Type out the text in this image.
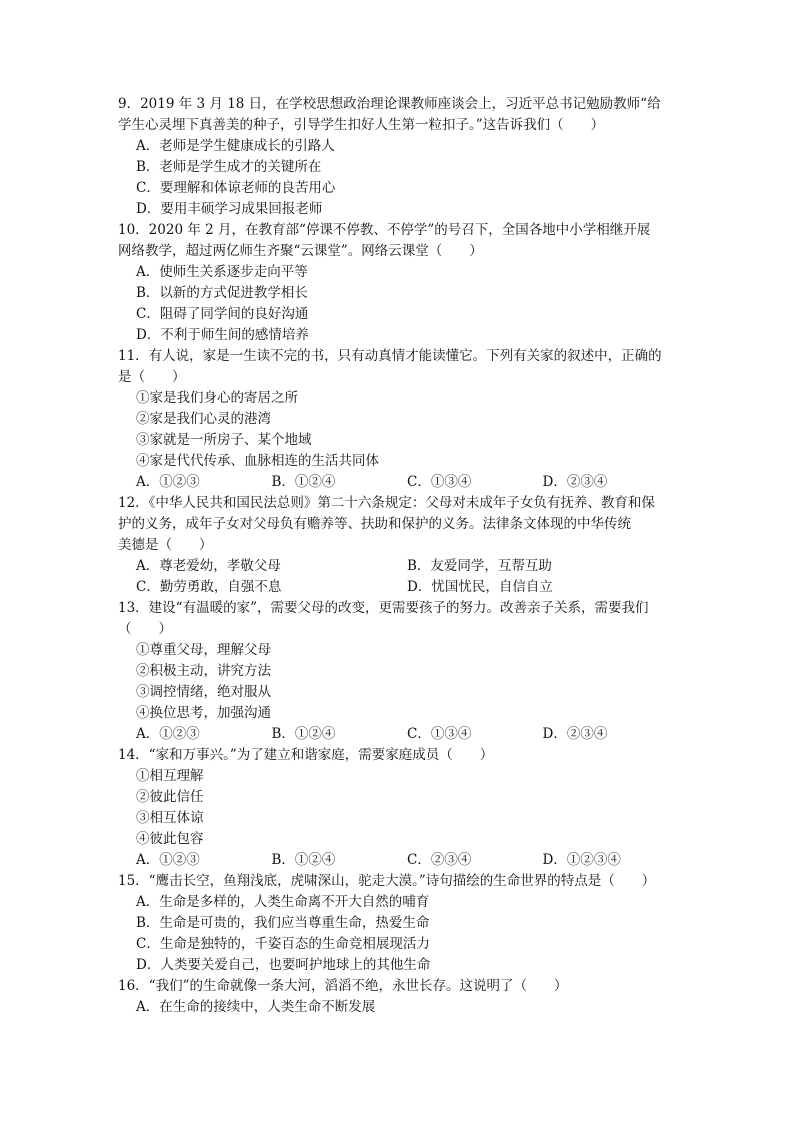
9．2019 年 3 月 18 日，在学校思想政治理论课教师座谈会上，习近平总书记勉励教师“给

学生心灵埋下真善美的种子，引导学生扣好人生第一粒扣子。”这告诉我们（　　）

A．老师是学生健康成长的引路人

B．老师是学生成才的关键所在

C．要理解和体谅老师的良苦用心

D．要用丰硕学习成果回报老师

10．2020 年 2 月，在教育部“停课不停教、不停学”的号召下，全国各地中小学相继开展

网络教学，超过两亿师生齐聚“云课堂”。网络云课堂（　　）

A．使师生关系逐步走向平等

B．以新的方式促进教学相长

C．阻碍了同学间的良好沟通

D．不利于师生间的感情培养

11．有人说，家是一生读不完的书，只有动真情才能读懂它。下列有关家的叙述中，正确的

是（　　）

①家是我们身心的寄居之所

②家是我们心灵的港湾

③家就是一所房子、某个地域

④家是代代传承、血脉相连的生活共同体

A．①②③	B．①②④	C．①③④	D．②③④

12．《中华人民共和国民法总则》第二十六条规定：父母对未成年子女负有抚养、教育和保

护的义务，成年子女对父母负有赡养等、扶助和保护的义务。法律条文体现的中华传统

美德是（　　）

A．尊老爱幼，孝敬父母	B．友爱同学，互帮互助
C．勤劳勇敢，自强不息	D．忧国忧民，自信自立

13．建设“有温暖的家”，需要父母的改变，更需要孩子的努力。改善亲子关系，需要我们

（　　）

①尊重父母，理解父母

②积极主动，讲究方法

③调控情绪，绝对服从

④换位思考，加强沟通

A．①②③	B．①②④	C．①③④	D．②③④

14．“家和万事兴。”为了建立和谐家庭，需要家庭成员（　　）

①相互理解

②彼此信任

③相互体谅

④彼此包容

A．①②③	B．①②④	C．②③④	D．①②③④

15．“鹰击长空，鱼翔浅底，虎啸深山，驼走大漠。”诗句描绘的生命世界的特点是（　　）

A．生命是多样的，人类生命离不开大自然的哺育

B．生命是可贵的，我们应当尊重生命，热爱生命

C．生命是独特的，千姿百态的生命竞相展现活力

D．人类要关爱自己，也要呵护地球上的其他生命

16．“我们”的生命就像一条大河，滔滔不绝，永世长存。这说明了（　　）

A．在生命的接续中，人类生命不断发展
